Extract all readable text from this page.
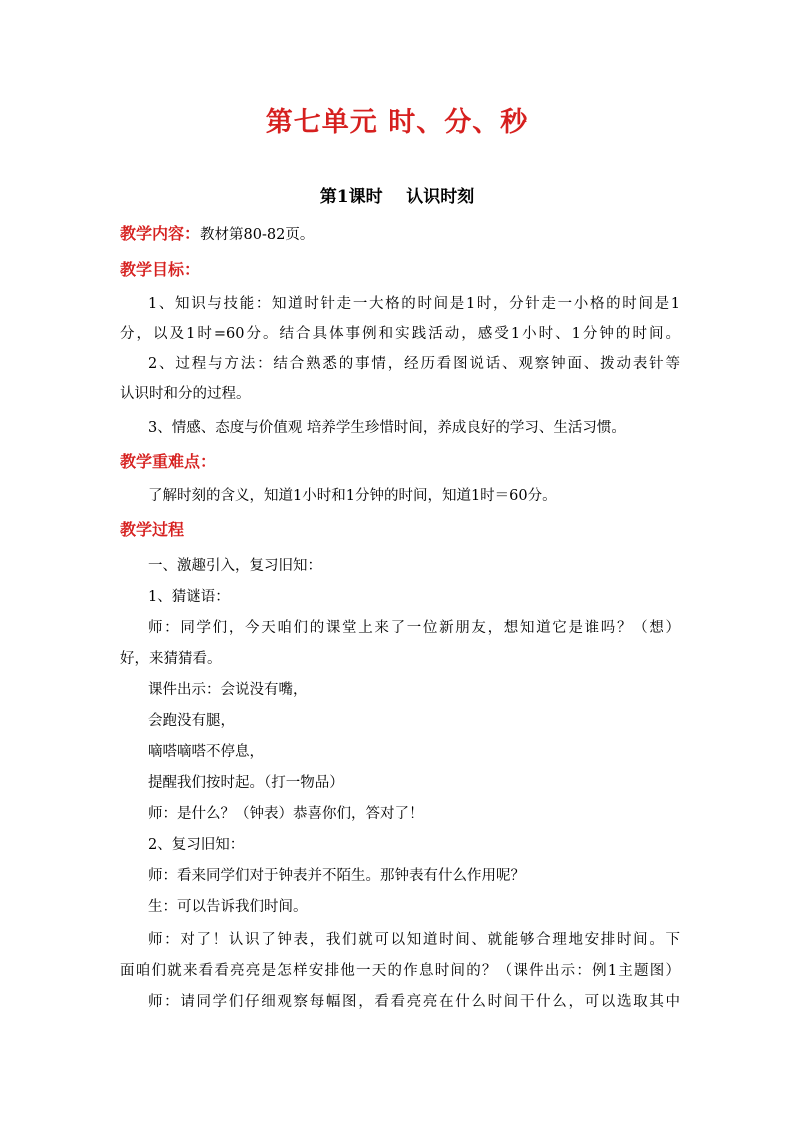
第七单元 时、分、秒
第1课时    认识时刻
教学内容：教材第80-82页。
教学目标：
1、知识与技能：知道时针走一大格的时间是1时，分针走一小格的时间是1
分，以及1时=60分。结合具体事例和实践活动，感受1小时、1分钟的时间。
2、过程与方法：结合熟悉的事情，经历看图说话、观察钟面、拨动表针等
认识时和分的过程。
3、情感、态度与价值观 培养学生珍惜时间，养成良好的学习、生活习惯。
教学重难点：
了解时刻的含义，知道1小时和1分钟的时间，知道1时＝60分。
教学过程
一、激趣引入，复习旧知：
1、猜谜语：
师：同学们，今天咱们的课堂上来了一位新朋友，想知道它是谁吗？（想）
好，来猜猜看。
课件出示：会说没有嘴，
会跑没有腿，
嘀嗒嘀嗒不停息，
提醒我们按时起。（打一物品）
师：是什么？（钟表）恭喜你们，答对了！
2、复习旧知：
师：看来同学们对于钟表并不陌生。那钟表有什么作用呢？
生：可以告诉我们时间。
师：对了！认识了钟表，我们就可以知道时间、就能够合理地安排时间。下
面咱们就来看看亮亮是怎样安排他一天的作息时间的？（课件出示：例1主题图）
师：请同学们仔细观察每幅图，看看亮亮在什么时间干什么，可以选取其中
